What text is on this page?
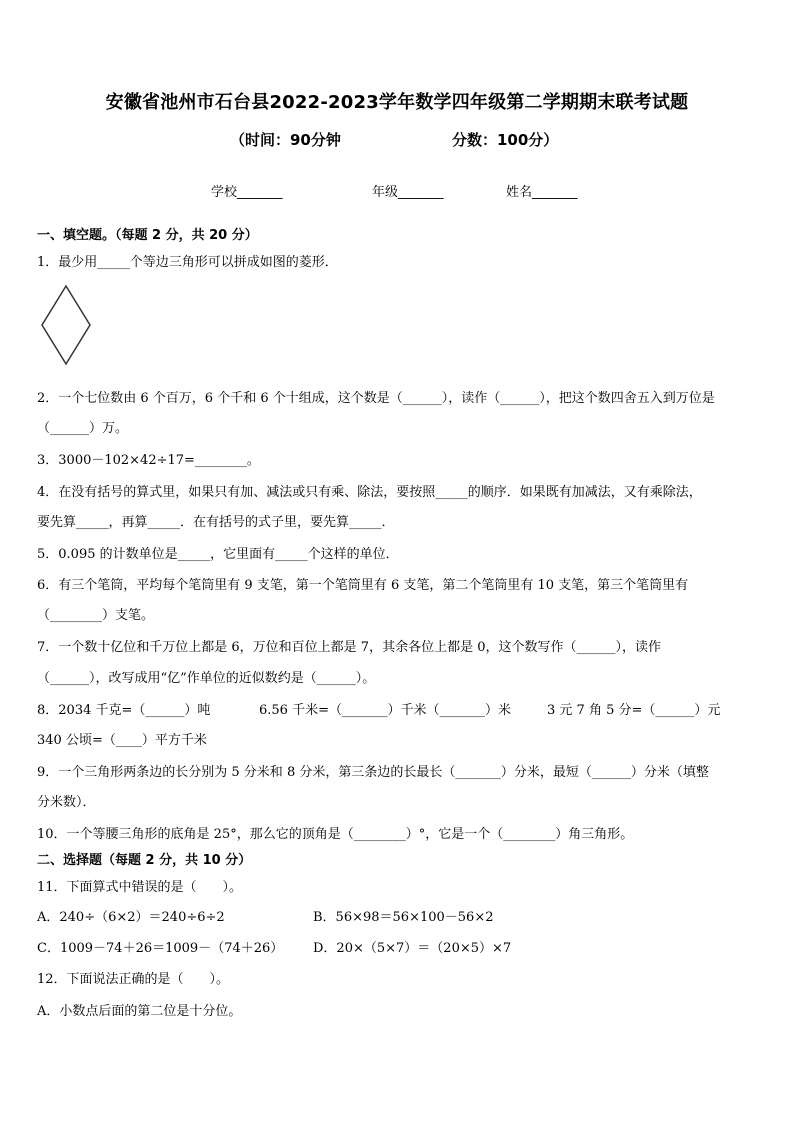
安徽省池州市石台县2022-2023学年数学四年级第二学期期末联考试题
（时间：90分钟	分数：100分）
学校_______	年级_______	姓名_______
一、填空题。（每题 2 分，共 20 分）
1．最少用_____个等边三角形可以拼成如图的菱形．
2．一个七位数由 6 个百万，6 个千和 6 个十组成，这个数是（______），读作（______），把这个数四舍五入到万位是
（______）万。
3．3000－102×42÷17=________。
4．在没有括号的算式里，如果只有加、减法或只有乘、除法，要按照_____的顺序．如果既有加减法，又有乘除法，
要先算_____，再算_____．在有括号的式子里，要先算_____．
5．0.095 的计数单位是_____，它里面有_____个这样的单位．
6．有三个笔筒，平均每个笔筒里有 9 支笔，第一个笔筒里有 6 支笔，第二个笔筒里有 10 支笔，第三个笔筒里有
（________）支笔。
7．一个数十亿位和千万位上都是 6，万位和百位上都是 7，其余各位上都是 0，这个数写作（______），读作
（______），改写成用“亿”作单位的近似数约是（______）。
8．2034 千克=（______）吨	6.56 千米=（_______）千米（_______）米	3 元 7 角 5 分=（______）元
340 公顷=（____）平方千米
9．一个三角形两条边的长分别为 5 分米和 8 分米，第三条边的长最长（_______）分米，最短（______）分米（填整
分米数）．
10．一个等腰三角形的底角是 25°，那么它的顶角是（________）°，它是一个（________）角三角形。
二、选择题（每题 2 分，共 10 分）
11．下面算式中错误的是（　　）。
A．240÷（6×2）＝240÷6÷2	B．56×98＝56×100－56×2
C．1009－74＋26＝1009－（74＋26） D．20×（5×7）＝（20×5）×7
12．下面说法正确的是（　　）。
A．小数点后面的第二位是十分位。
